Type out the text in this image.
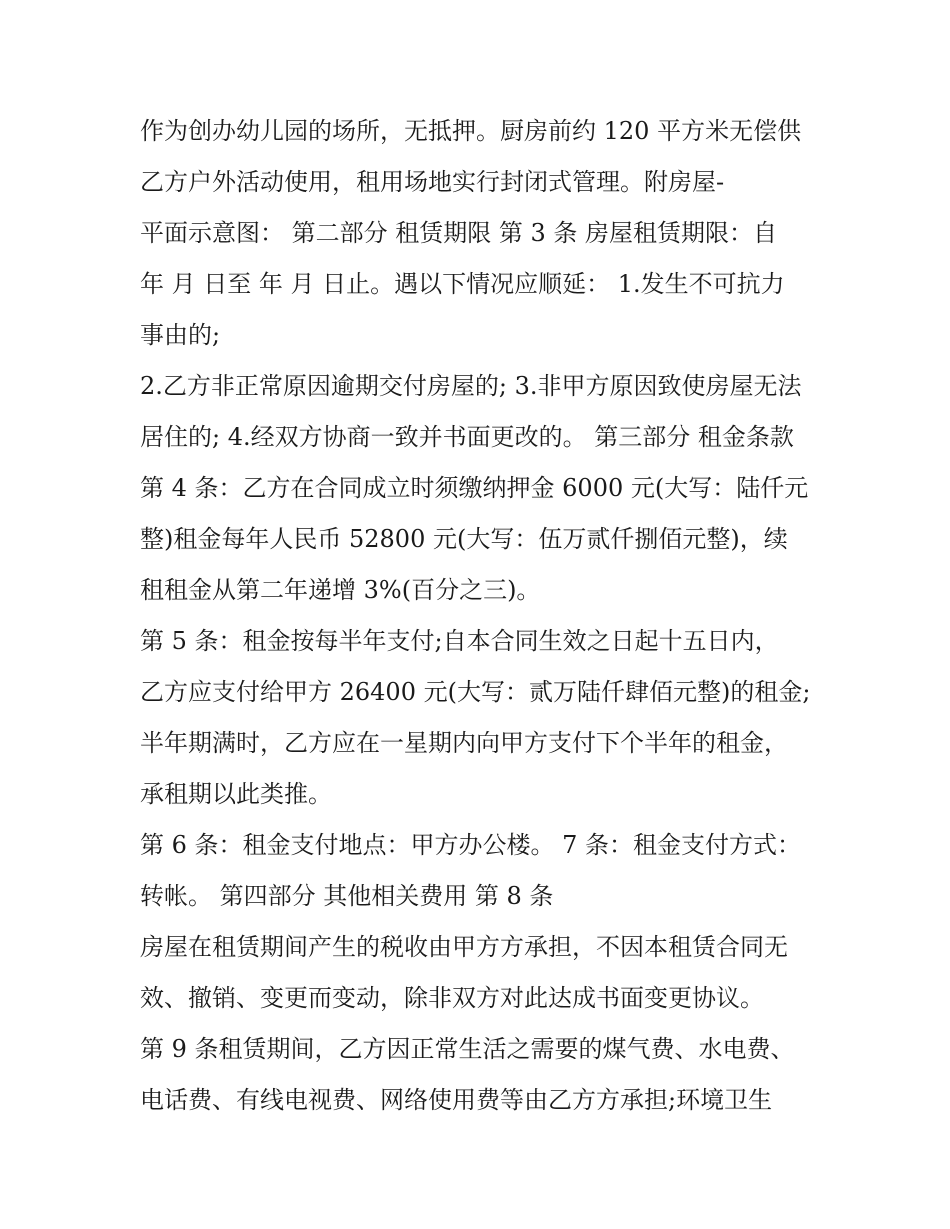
作为创办幼儿园的场所，无抵押。厨房前约 120 平方米无偿供
乙方户外活动使用，租用场地实行封闭式管理。附房屋-
平面示意图： 第二部分 租赁期限 第 3 条 房屋租赁期限：自
年 月 日至 年 月 日止。遇以下情况应顺延： 1.发生不可抗力
事由的;
2.乙方非正常原因逾期交付房屋的; 3.非甲方原因致使房屋无法
居住的; 4.经双方协商一致并书面更改的。 第三部分 租金条款
第 4 条：乙方在合同成立时须缴纳押金 6000 元(大写：陆仟元
整)租金每年人民币 52800 元(大写：伍万贰仟捌佰元整)，续
租租金从第二年递增 3%(百分之三)。
第 5 条：租金按每半年支付;自本合同生效之日起十五日内，
乙方应支付给甲方 26400 元(大写：贰万陆仟肆佰元整)的租金;
半年期满时，乙方应在一星期内向甲方支付下个半年的租金，
承租期以此类推。
第 6 条：租金支付地点：甲方办公楼。 7 条：租金支付方式：
转帐。 第四部分 其他相关费用 第 8 条
房屋在租赁期间产生的税收由甲方方承担，不因本租赁合同无
效、撤销、变更而变动，除非双方对此达成书面变更协议。
第 9 条租赁期间，乙方因正常生活之需要的煤气费、水电费、
电话费、有线电视费、网络使用费等由乙方方承担;环境卫生
